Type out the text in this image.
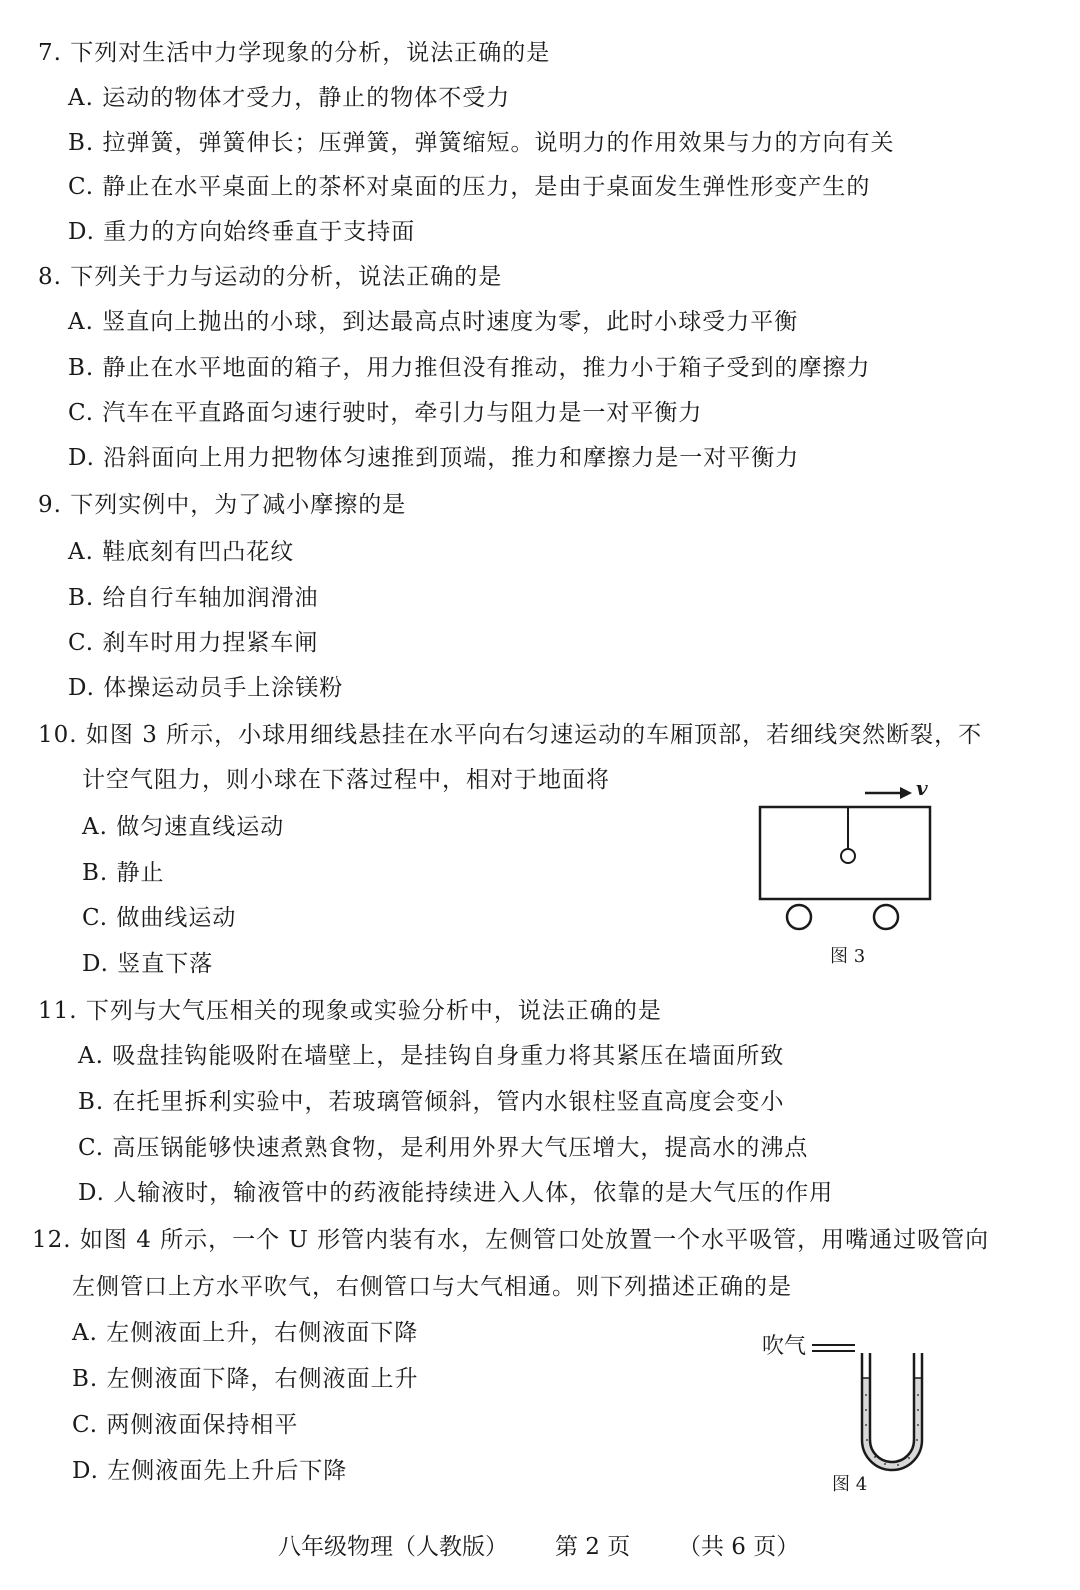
7. 下列对生活中力学现象的分析，说法正确的是
A. 运动的物体才受力，静止的物体不受力
B. 拉弹簧，弹簧伸长；压弹簧，弹簧缩短。说明力的作用效果与力的方向有关
C. 静止在水平桌面上的茶杯对桌面的压力，是由于桌面发生弹性形变产生的
D. 重力的方向始终垂直于支持面
8. 下列关于力与运动的分析，说法正确的是
A. 竖直向上抛出的小球，到达最高点时速度为零，此时小球受力平衡
B. 静止在水平地面的箱子，用力推但没有推动，推力小于箱子受到的摩擦力
C. 汽车在平直路面匀速行驶时，牵引力与阻力是一对平衡力
D. 沿斜面向上用力把物体匀速推到顶端，推力和摩擦力是一对平衡力
9. 下列实例中，为了减小摩擦的是
A. 鞋底刻有凹凸花纹
B. 给自行车轴加润滑油
C. 刹车时用力捏紧车闸
D. 体操运动员手上涂镁粉
10. 如图 3 所示，小球用细线悬挂在水平向右匀速运动的车厢顶部，若细线突然断裂，不
计空气阻力，则小球在下落过程中，相对于地面将
A. 做匀速直线运动
B. 静止
C. 做曲线运动
D. 竖直下落
v
图 3
11. 下列与大气压相关的现象或实验分析中，说法正确的是
A. 吸盘挂钩能吸附在墙壁上，是挂钩自身重力将其紧压在墙面所致
B. 在托里拆利实验中，若玻璃管倾斜，管内水银柱竖直高度会变小
C. 高压锅能够快速煮熟食物，是利用外界大气压增大，提高水的沸点
D. 人输液时，输液管中的药液能持续进入人体，依靠的是大气压的作用
12. 如图 4 所示，一个 U 形管内装有水，左侧管口处放置一个水平吸管，用嘴通过吸管向
左侧管口上方水平吹气，右侧管口与大气相通。则下列描述正确的是
A. 左侧液面上升，右侧液面下降
B. 左侧液面下降，右侧液面上升
C. 两侧液面保持相平
D. 左侧液面先上升后下降
吹气
图 4
八年级物理（人教版） 第 2 页 （共 6 页）
